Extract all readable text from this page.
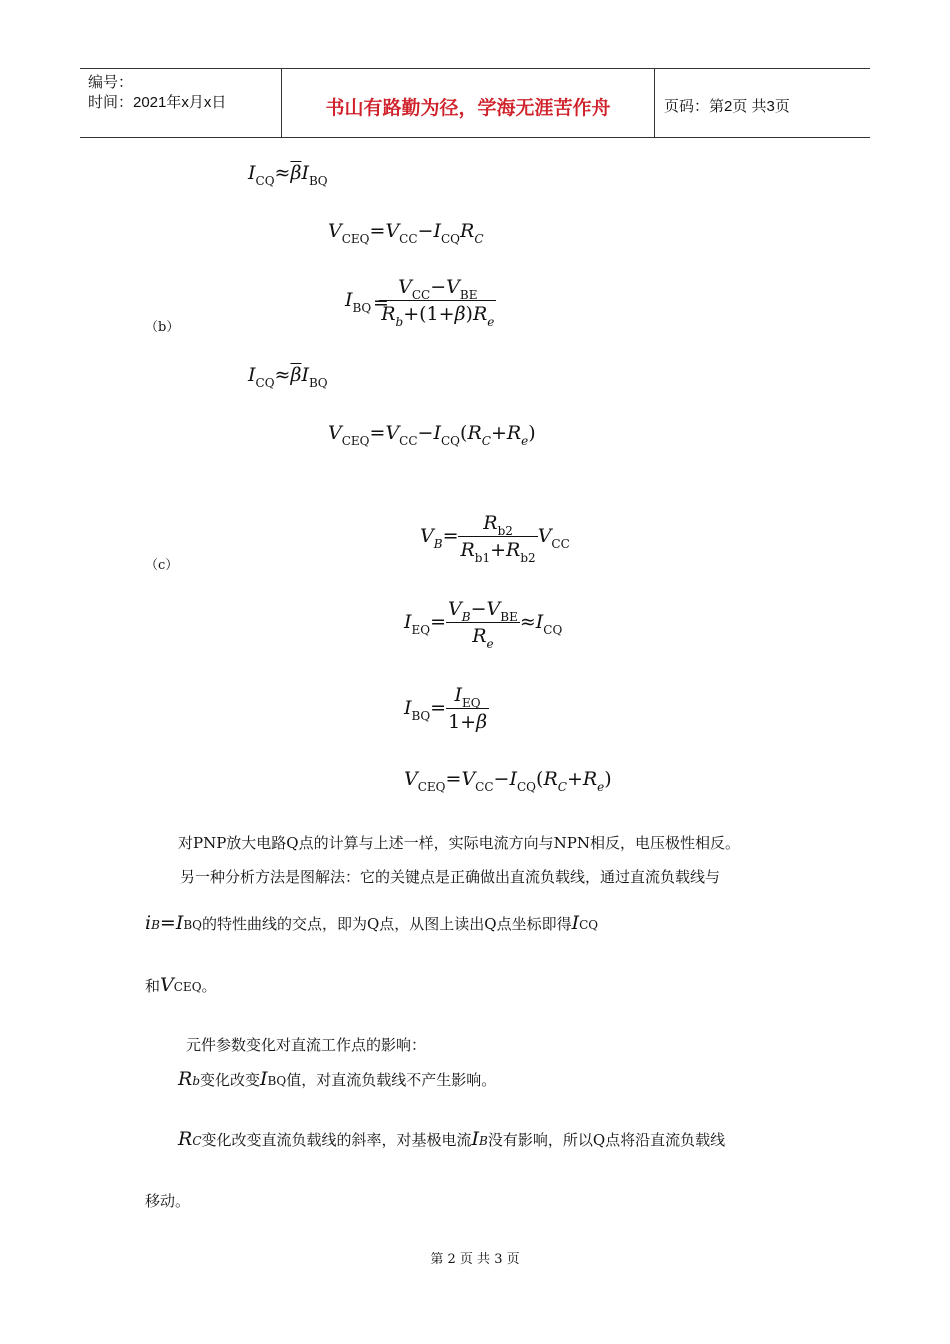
编号：
时间：2021年x月x日	书山有路勤为径，学海无涯苦作舟	页码：第2页 共3页
$I_{CQ}\approx\overline{\beta}I_{BQ}$
$V_{CEQ}=V_{CC}-I_{CQ}R_C$
（b）
$I_{BQ} \frac{V_{CC}-V_{BE}}{R_b+(1+\beta)R_e}$
=
$I_{CQ}\approx\overline{\beta}I_{BQ}$
$V_{CEQ}=V_{CC}-I_{CQ}(R_C+R_e)$
（c）
$V_B= \frac{R_{b2}}{R_{b1}+R_{b2}} V_{CC}$
$I_{EQ}= \frac{V_B-V_{BE}}{R_e} \approx I_{CQ}$
$I_{BQ}= \frac{I_{EQ}}{1+\beta}$
$V_{CEQ}=V_{CC}-I_{CQ}(R_C+R_e)$
对PNP放大电路Q点的计算与上述一样，实际电流方向与NPN相反，电压极性相反。
另一种分析方法是图解法：它的关键点是正确做出直流负载线，通过直流负载线与
iB=IBQ的特性曲线的交点，即为Q点，从图上读出Q点坐标即得ICQ
和VCEQ。
元件参数变化对直流工作点的影响：
Rb变化改变IBQ值，对直流负载线不产生影响。
RC变化改变直流负载线的斜率，对基极电流IB没有影响，所以Q点将沿直流负载线
移动。
第 2 页 共 3 页
